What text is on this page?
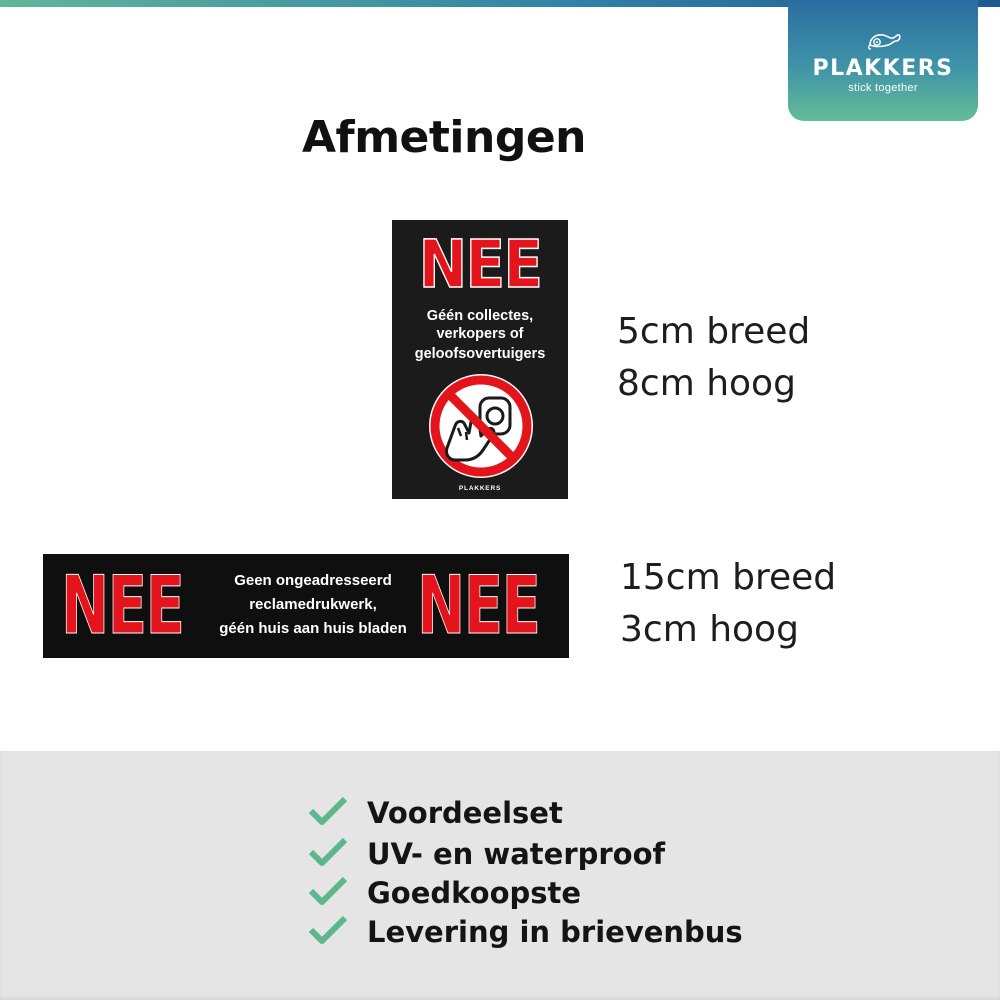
PLAKKERS
stick together
Afmetingen
NEE
Géén collectes,
verkopers of
geloofsovertuigers
PLAKKERS
5cm breed
8cm hoog
NEE	Geen ongeadresseerd
reclamedrukwerk,
géén huis aan huis bladen NEE 15cm breed
3cm hoog
Voordeelset
UV- en waterproof
Goedkoopste
Levering in brievenbus
